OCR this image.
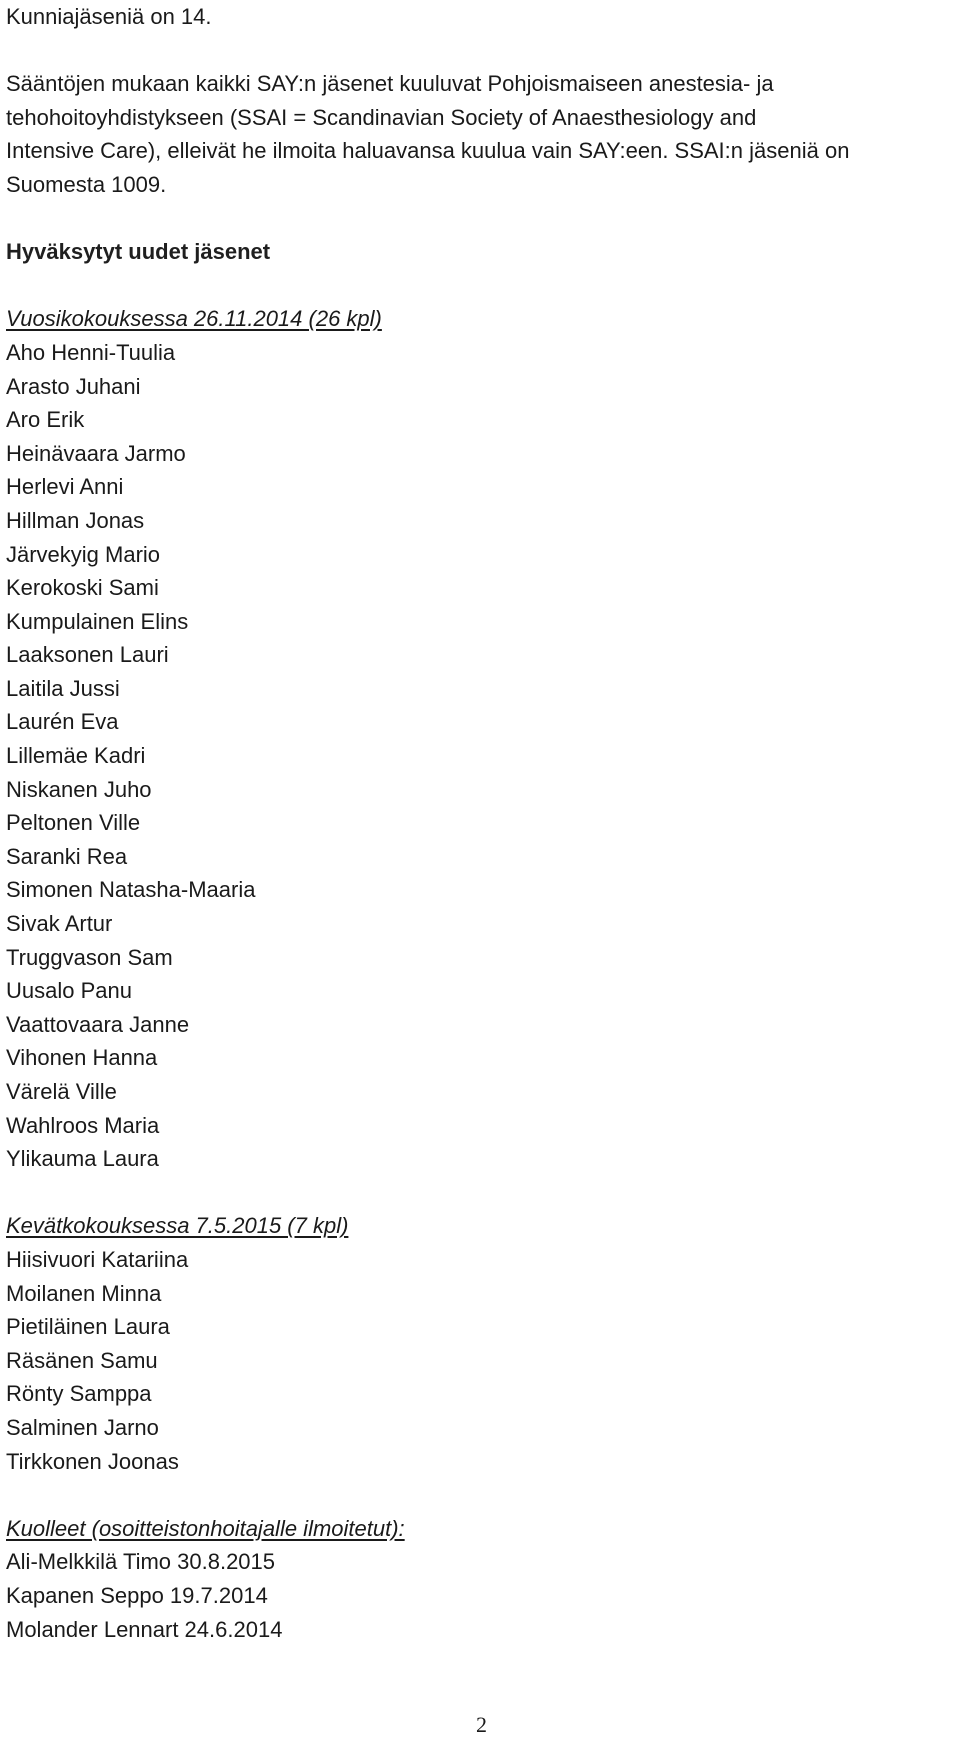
Kunniajäseniä on 14.

Sääntöjen mukaan kaikki SAY:n jäsenet kuuluvat Pohjoismaiseen anestesia- ja

tehohoitoyhdistykseen (SSAI = Scandinavian Society of Anaesthesiology and

Intensive Care), elleivät he ilmoita haluavansa kuulua vain SAY:een. SSAI:n jäseniä on

Suomesta 1009.

Hyväksytyt uudet jäsenet

Vuosikokouksessa 26.11.2014 (26 kpl)

Aho Henni-Tuulia

Arasto Juhani

Aro Erik

Heinävaara Jarmo

Herlevi Anni

Hillman Jonas

Järvekyig Mario

Kerokoski Sami

Kumpulainen Elins

Laaksonen Lauri

Laitila Jussi

Laurén Eva

Lillemäe Kadri

Niskanen Juho

Peltonen Ville

Saranki Rea

Simonen Natasha-Maaria

Sivak Artur

Truggvason Sam

Uusalo Panu

Vaattovaara Janne

Vihonen Hanna

Värelä Ville

Wahlroos Maria

Ylikauma Laura

Kevätkokouksessa 7.5.2015 (7 kpl)

Hiisivuori Katariina

Moilanen Minna

Pietiläinen Laura

Räsänen Samu

Rönty Samppa

Salminen Jarno

Tirkkonen Joonas

Kuolleet (osoitteistonhoitajalle ilmoitetut):

Ali-Melkkilä Timo 30.8.2015

Kapanen Seppo 19.7.2014

Molander Lennart 24.6.2014

2
